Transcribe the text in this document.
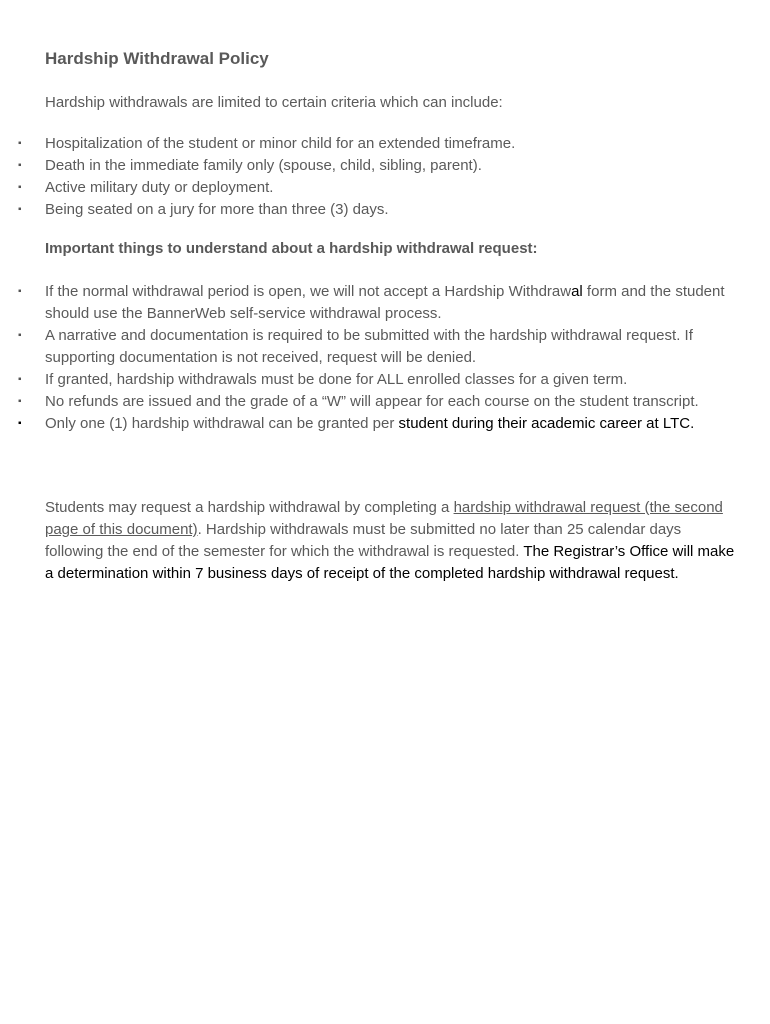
Hardship Withdrawal Policy

Hardship withdrawals are limited to certain criteria which can include:

▪ Hospitalization of the student or minor child for an extended timeframe.
▪ Death in the immediate family only (spouse, child, sibling, parent).
▪ Active military duty or deployment.
▪ Being seated on a jury for more than three (3) days.
Important things to understand about a hardship withdrawal request:
▪ If the normal withdrawal period is open, we will not accept a Hardship Withdrawal form and the student should use the BannerWeb self-service withdrawal process.
▪ A narrative and documentation is required to be submitted with the hardship withdrawal request. If supporting documentation is not received, request will be denied.
▪ If granted, hardship withdrawals must be done for ALL enrolled classes for a given term.
▪ No refunds are issued and the grade of a “W” will appear for each course on the student transcript.
▪ Only one (1) hardship withdrawal can be granted per student during their academic career at LTC.

Students may request a hardship withdrawal by completing a hardship withdrawal request (the second page of this document). Hardship withdrawals must be submitted no later than 25 calendar days following the end of the semester for which the withdrawal is requested. The Registrar’s Office will make a determination within 7 business days of receipt of the completed hardship withdrawal request.
